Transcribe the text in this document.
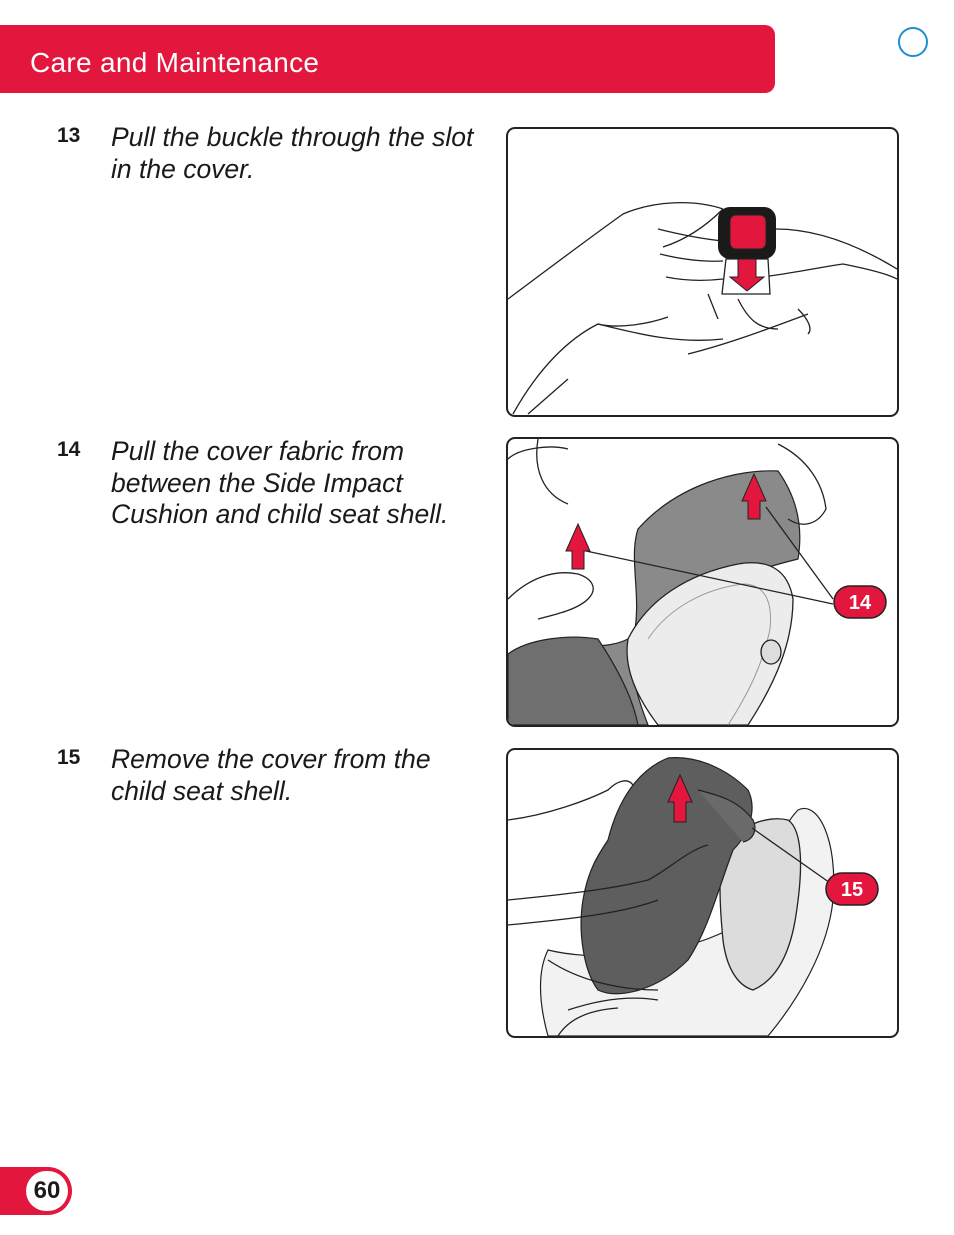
Care and Maintenance
13 Pull the buckle through the slot in the cover.
14 Pull the cover fabric from between the Side Impact Cushion and child seat shell.
14
15 Remove the cover from the child seat shell.
15
60
